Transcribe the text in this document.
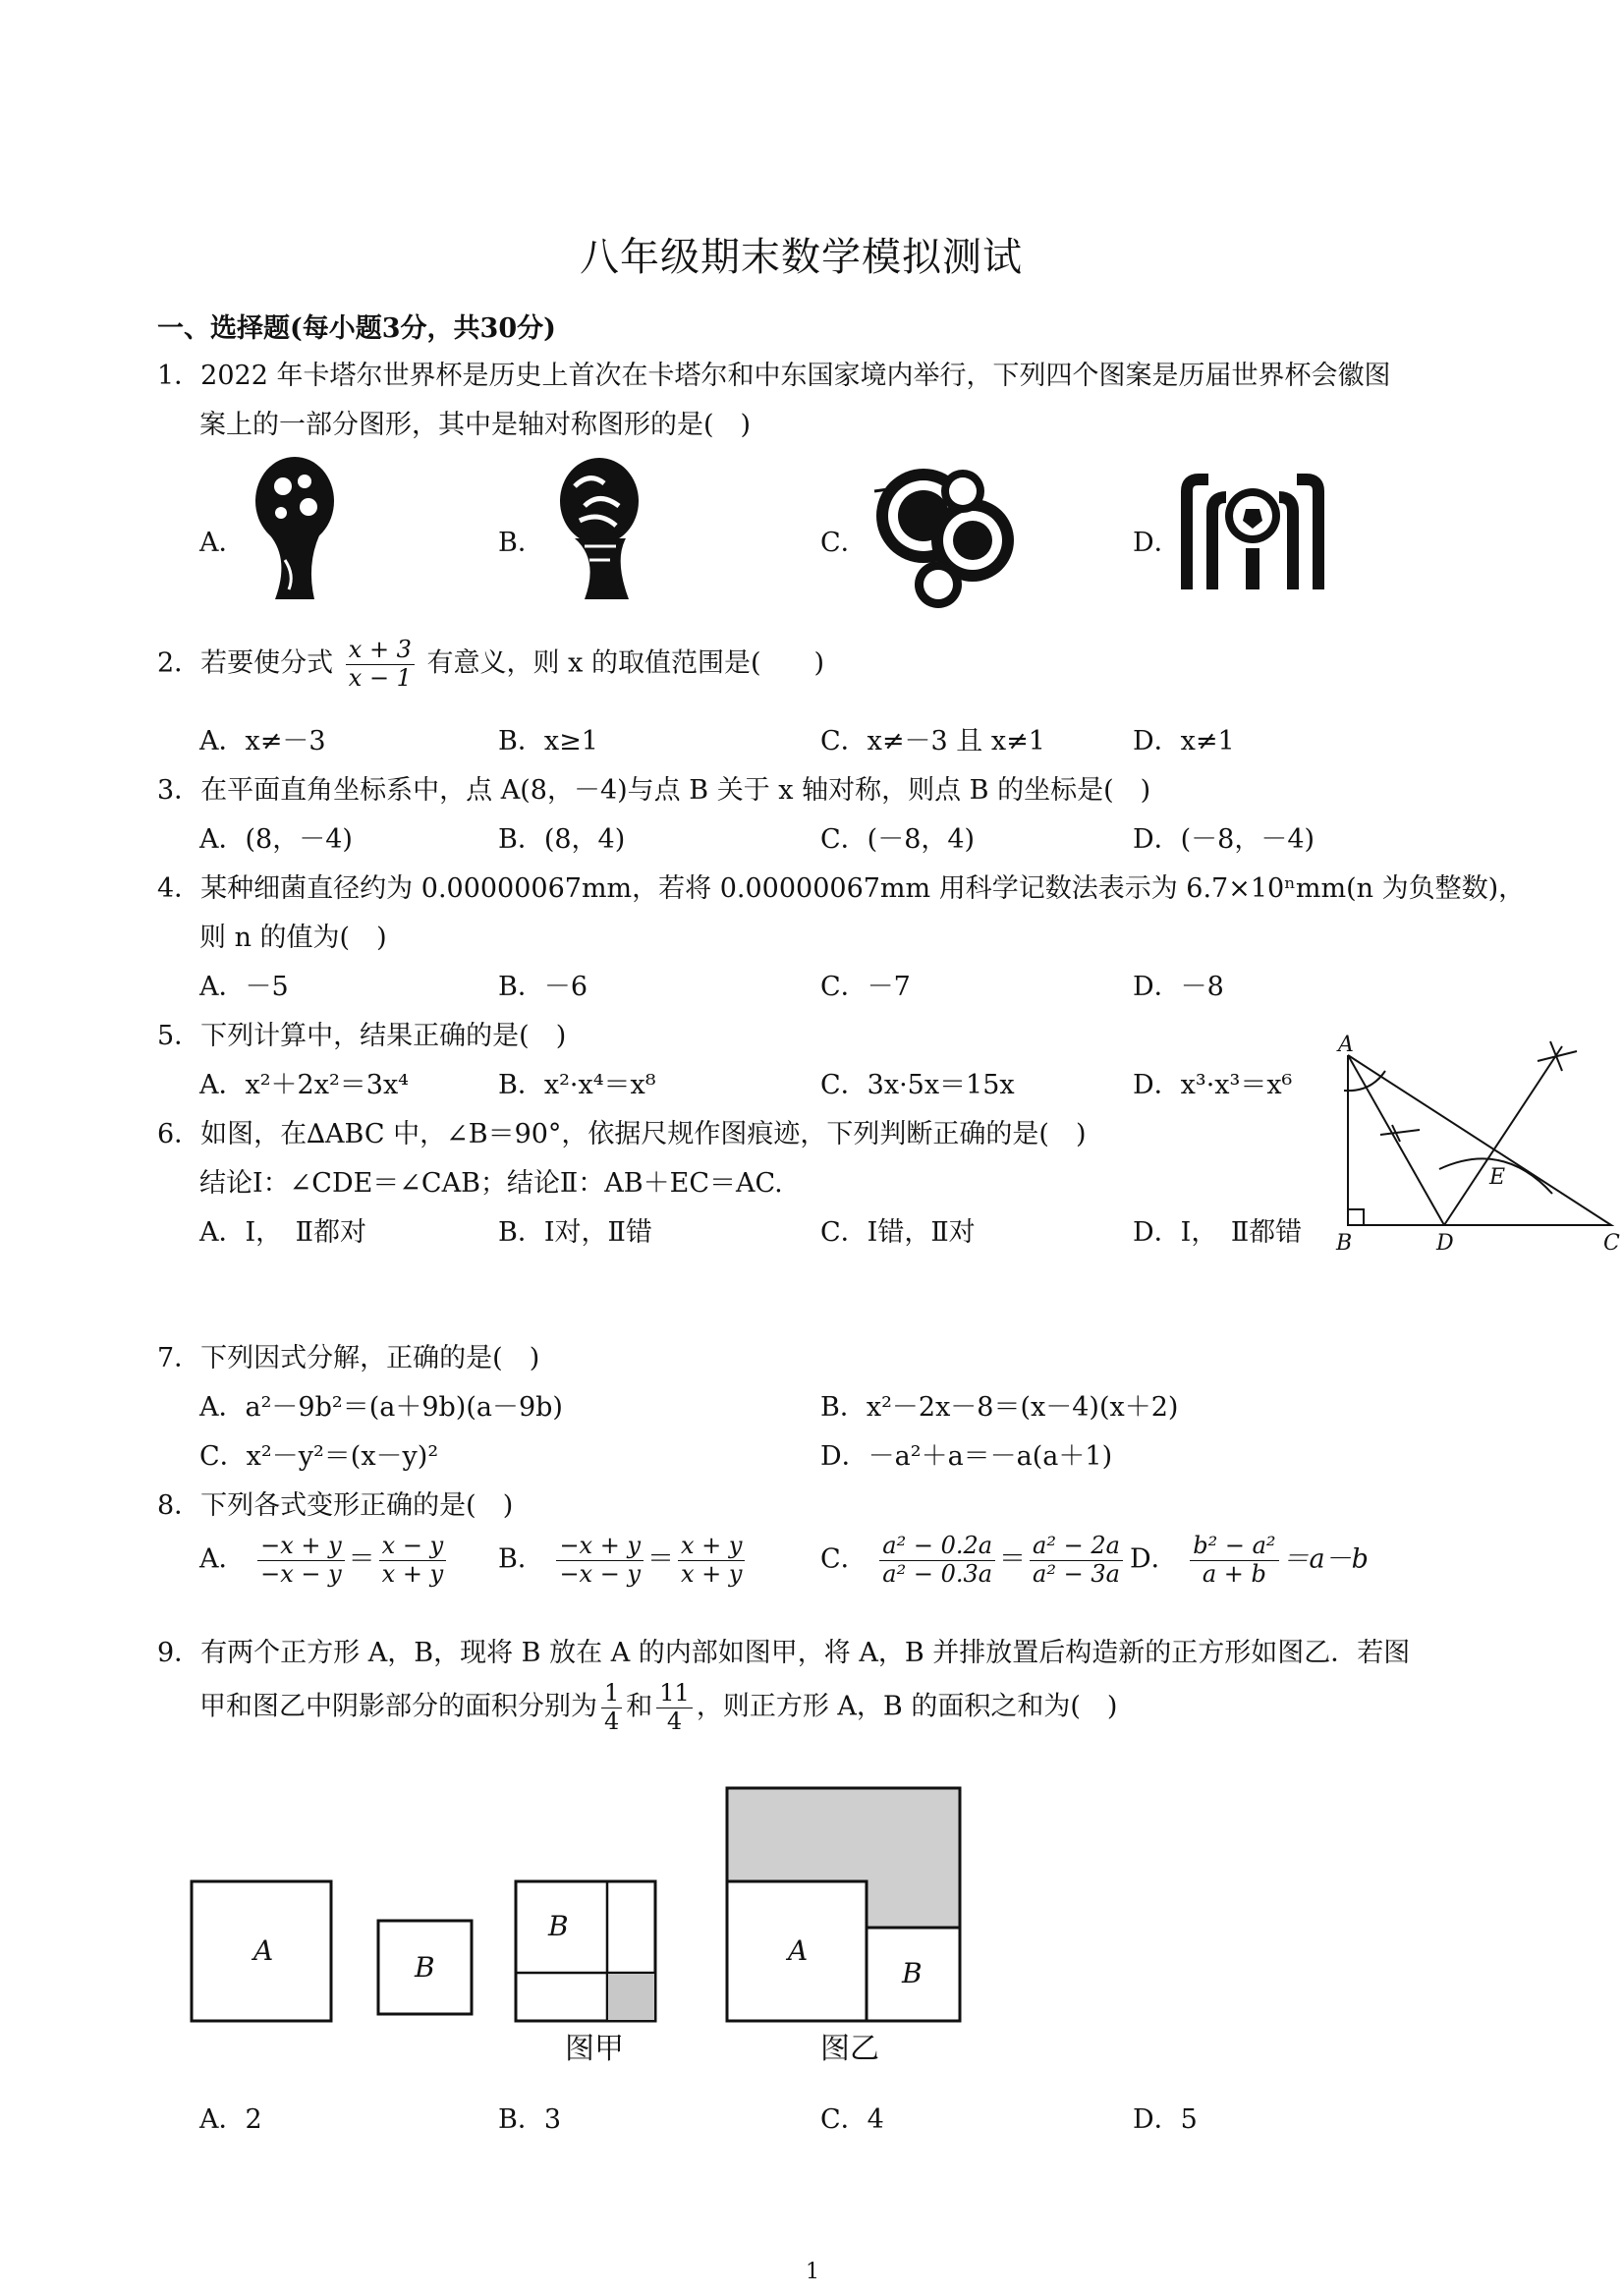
八年级期末数学模拟测试
一、选择题(每小题3分，共30分)
1．2022 年卡塔尔世界杯是历史上首次在卡塔尔和中东国家境内举行，下列四个图案是历届世界杯会徽图
案上的一部分图形，其中是轴对称图形的是(　)
A．	B．	C．	D．
2．若要使分式 $\frac{x + 3}{x - 1}$ 有意义，则 x 的取值范围是(　　)
A．x≠－3	B．x≥1	C．x≠－3 且 x≠1	D．x≠1
3．在平面直角坐标系中，点 A(8，－4)与点 B 关于 x 轴对称，则点 B 的坐标是(　)
A．(8，－4)	B．(8，4)	C．(－8，4)	D．(－8，－4)
4．某种细菌直径约为 0.00000067mm，若将 0.00000067mm 用科学记数法表示为 6.7×10ⁿmm(n 为负整数)，
则 n 的值为(　)
A．－5	B．－6	C．－7	D．－8
5．下列计算中，结果正确的是(　)
A．x²＋2x²＝3x⁴	B．x²·x⁴＝x⁸	C．3x·5x＝15x	D．x³·x³＝x⁶
6．如图，在∆ABC 中，∠B＝90°，依据尺规作图痕迹，下列判断正确的是(　)
结论Ⅰ：∠CDE＝∠CAB；结论Ⅱ：AB＋EC＝AC.
A．Ⅰ，　Ⅱ都对	B．Ⅰ对，Ⅱ错	C．Ⅰ错，Ⅱ对	D．Ⅰ，　Ⅱ都错
A
B	D	C
E
7．下列因式分解，正确的是(　)
A．a²－9b²＝(a＋9b)(a－9b)	B．x²－2x－8＝(x－4)(x＋2)
C．x²－y²＝(x－y)²	D．－a²＋a＝－a(a＋1)
8．下列各式变形正确的是(　)
A． $\frac{-x + y}{-x - y} = \frac{x - y}{x + y}$ B． $\frac{-x + y}{-x - y} = \frac{x + y}{x + y}$	C． $\frac{\text{a² − 0.2a}}{\text{a² − 0.3a}} = \frac{\text{a² − 2a}}{\text{a² − 3a}}$ D． $\frac{\text{b² − a²}}{a + b} =a-b$
9．有两个正方形 A，B，现将 B 放在 A 的内部如图甲，将 A，B 并排放置后构造新的正方形如图乙．若图
甲和图乙中阴影部分的面积分别为 $\frac{1}{4}$ 和 $\frac{11}{4}$ ，则正方形 A，B 的面积之和为(　)
A
B
B
图甲
A
B
图乙
A．2	B．3	C．4	D．5
1
